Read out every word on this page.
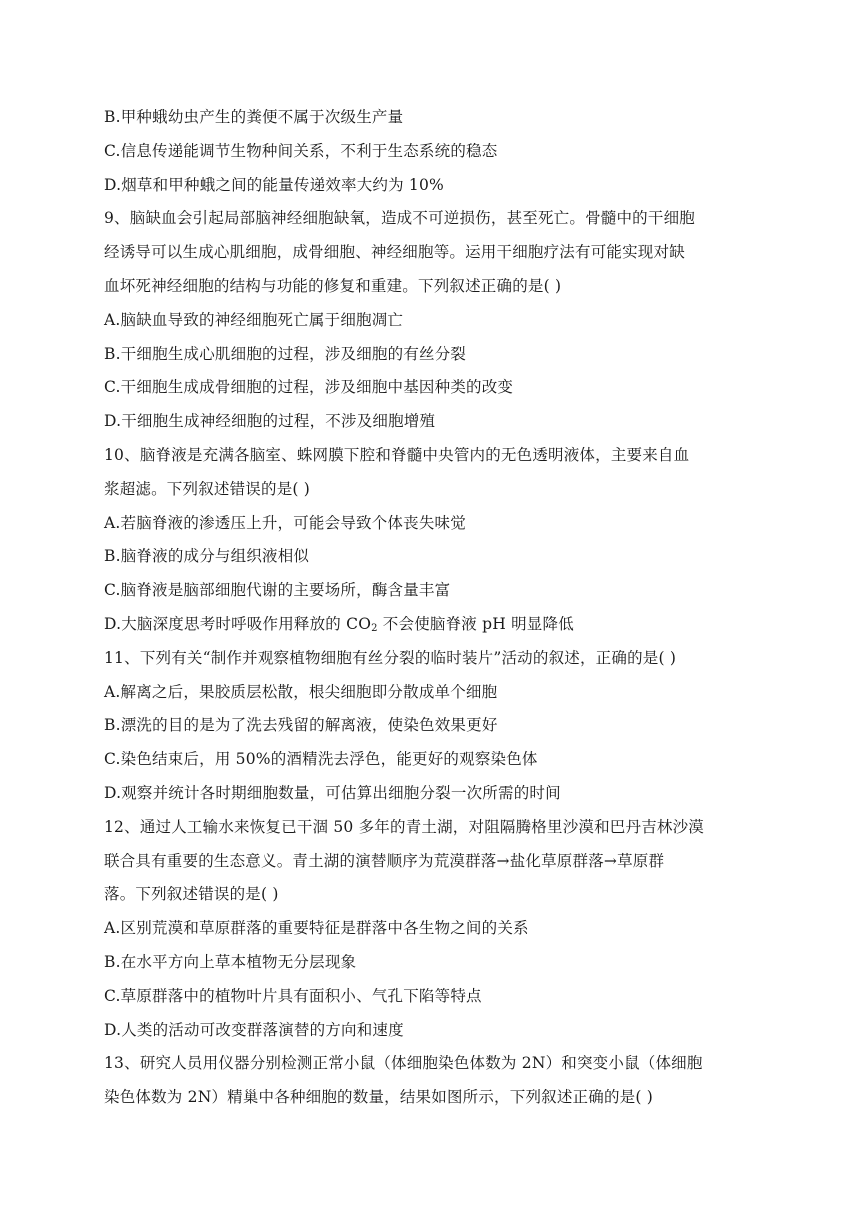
B.甲种蛾幼虫产生的粪便不属于次级生产量
C.信息传递能调节生物种间关系，不利于生态系统的稳态
D.烟草和甲种蛾之间的能量传递效率大约为 10%
9、脑缺血会引起局部脑神经细胞缺氧，造成不可逆损伤，甚至死亡。骨髓中的干细胞
经诱导可以生成心肌细胞，成骨细胞、神经细胞等。运用干细胞疗法有可能实现对缺
血坏死神经细胞的结构与功能的修复和重建。下列叙述正确的是( )
A.脑缺血导致的神经细胞死亡属于细胞凋亡
B.干细胞生成心肌细胞的过程，涉及细胞的有丝分裂
C.干细胞生成成骨细胞的过程，涉及细胞中基因种类的改变
D.干细胞生成神经细胞的过程，不涉及细胞增殖
10、脑脊液是充满各脑室、蛛网膜下腔和脊髓中央管内的无色透明液体，主要来自血
浆超滤。下列叙述错误的是( )
A.若脑脊液的渗透压上升，可能会导致个体丧失味觉
B.脑脊液的成分与组织液相似
C.脑脊液是脑部细胞代谢的主要场所，酶含量丰富
D.大脑深度思考时呼吸作用释放的 $CO_2$ 不会使脑脊液 pH 明显降低
11、下列有关“制作并观察植物细胞有丝分裂的临时装片”活动的叙述，正确的是( )
A.解离之后，果胶质层松散，根尖细胞即分散成单个细胞
B.漂洗的目的是为了洗去残留的解离液，使染色效果更好
C.染色结束后，用 50%的酒精洗去浮色，能更好的观察染色体
D.观察并统计各时期细胞数量，可估算出细胞分裂一次所需的时间
12、通过人工输水来恢复已干涸 50 多年的青土湖，对阻隔腾格里沙漠和巴丹吉林沙漠
联合具有重要的生态意义。青土湖的演替顺序为荒漠群落→盐化草原群落→草原群
落。下列叙述错误的是( )
A.区别荒漠和草原群落的重要特征是群落中各生物之间的关系
B.在水平方向上草本植物无分层现象
C.草原群落中的植物叶片具有面积小、气孔下陷等特点
D.人类的活动可改变群落演替的方向和速度
13、研究人员用仪器分别检测正常小鼠（体细胞染色体数为 2N）和突变小鼠（体细胞
染色体数为 2N）精巢中各种细胞的数量，结果如图所示，下列叙述正确的是( )
